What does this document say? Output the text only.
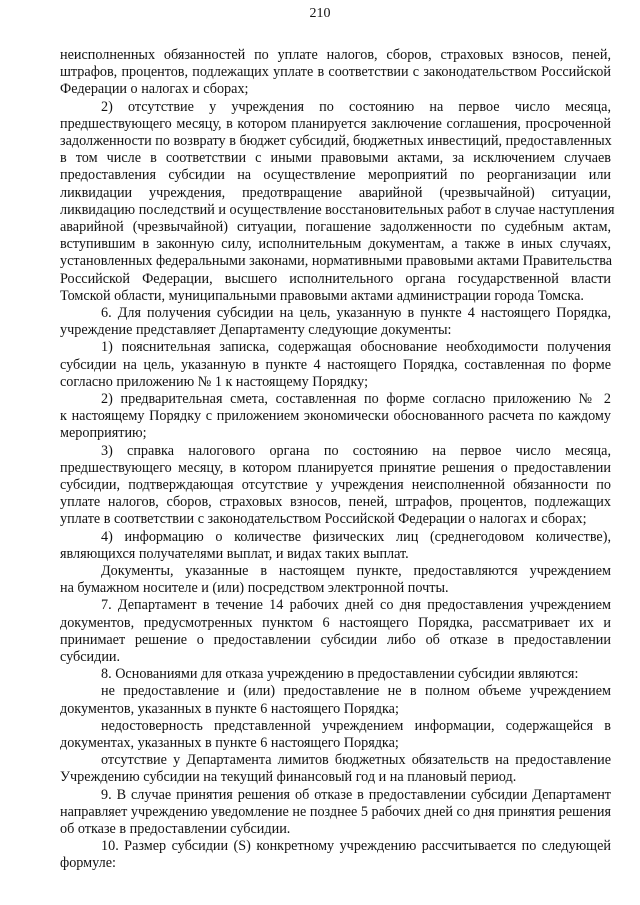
210
неисполненных обязанностей по уплате налогов, сборов, страховых взносов, пеней,
штрафов, процентов, подлежащих уплате в соответствии с законодательством Российской
Федерации о налогах и сборах;
2) отсутствие у учреждения по состоянию на первое число месяца,
предшествующего месяцу, в котором планируется заключение соглашения, просроченной
задолженности по возврату в бюджет субсидий, бюджетных инвестиций, предоставленных
в том числе в соответствии с иными правовыми актами, за исключением случаев
предоставления субсидии на осуществление мероприятий по реорганизации или
ликвидации учреждения, предотвращение аварийной (чрезвычайной) ситуации,
ликвидацию последствий и осуществление восстановительных работ в случае наступления
аварийной (чрезвычайной) ситуации, погашение задолженности по судебным актам,
вступившим в законную силу, исполнительным документам, а также в иных случаях,
установленных федеральными законами, нормативными правовыми актами Правительства
Российской Федерации, высшего исполнительного органа государственной власти
Томской области, муниципальными правовыми актами администрации города Томска.
6. Для получения субсидии на цель, указанную в пункте 4 настоящего Порядка,
учреждение представляет Департаменту следующие документы:
1) пояснительная записка, содержащая обоснование необходимости получения
субсидии на цель, указанную в пункте 4 настоящего Порядка, составленная по форме
согласно приложению № 1 к настоящему Порядку;
2) предварительная смета, составленная по форме согласно приложению № 2
к настоящему Порядку с приложением экономически обоснованного расчета по каждому
мероприятию;
3) справка налогового органа по состоянию на первое число месяца,
предшествующего месяцу, в котором планируется принятие решения о предоставлении
субсидии, подтверждающая отсутствие у учреждения неисполненной обязанности по
уплате налогов, сборов, страховых взносов, пеней, штрафов, процентов, подлежащих
уплате в соответствии с законодательством Российской Федерации о налогах и сборах;
4) информацию о количестве физических лиц (среднегодовом количестве),
являющихся получателями выплат, и видах таких выплат.
Документы, указанные в настоящем пункте, предоставляются учреждением
на бумажном носителе и (или) посредством электронной почты.
7. Департамент в течение 14 рабочих дней со дня предоставления учреждением
документов, предусмотренных пунктом 6 настоящего Порядка, рассматривает их и
принимает решение о предоставлении субсидии либо об отказе в предоставлении
субсидии.
8. Основаниями для отказа учреждению в предоставлении субсидии являются:
не предоставление и (или) предоставление не в полном объеме учреждением
документов, указанных в пункте 6 настоящего Порядка;
недостоверность представленной учреждением информации, содержащейся в
документах, указанных в пункте 6 настоящего Порядка;
отсутствие у Департамента лимитов бюджетных обязательств на предоставление
Учреждению субсидии на текущий финансовый год и на плановый период.
9. В случае принятия решения об отказе в предоставлении субсидии Департамент
направляет учреждению уведомление не позднее 5 рабочих дней со дня принятия решения
об отказе в предоставлении субсидии.
10. Размер субсидии (S) конкретному учреждению рассчитывается по следующей
формуле:
